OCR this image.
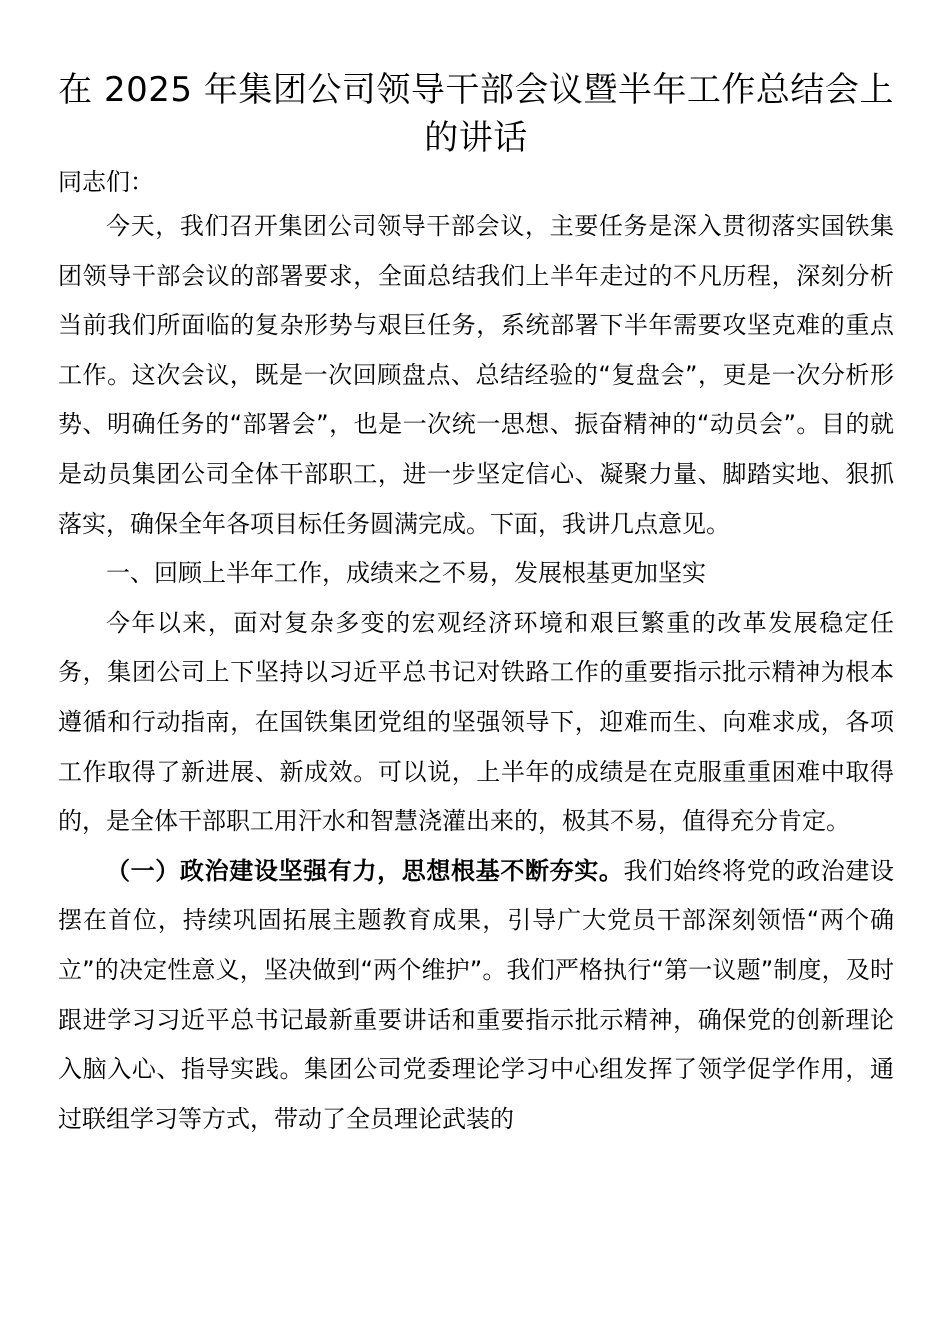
在 2025 年集团公司领导干部会议暨半年工作总结会上的讲话

同志们：

今天，我们召开集团公司领导干部会议，主要任务是深入贯彻落实国铁集团领导干部会议的部署要求，全面总结我们上半年走过的不凡历程，深刻分析当前我们所面临的复杂形势与艰巨任务，系统部署下半年需要攻坚克难的重点工作。这次会议，既是一次回顾盘点、总结经验的“复盘会”，更是一次分析形势、明确任务的“部署会”，也是一次统一思想、振奋精神的“动员会”。目的就是动员集团公司全体干部职工，进一步坚定信心、凝聚力量、脚踏实地、狠抓落实，确保全年各项目标任务圆满完成。下面，我讲几点意见。

一、回顾上半年工作，成绩来之不易，发展根基更加坚实

今年以来，面对复杂多变的宏观经济环境和艰巨繁重的改革发展稳定任务，集团公司上下坚持以习近平总书记对铁路工作的重要指示批示精神为根本遵循和行动指南，在国铁集团党组的坚强领导下，迎难而生、向难求成，各项工作取得了新进展、新成效。可以说，上半年的成绩是在克服重重困难中取得的，是全体干部职工用汗水和智慧浇灌出来的，极其不易，值得充分肯定。

（一）政治建设坚强有力，思想根基不断夯实。我们始终将党的政治建设摆在首位，持续巩固拓展主题教育成果，引导广大党员干部深刻领悟“两个确立”的决定性意义，坚决做到“两个维护”。我们严格执行“第一议题”制度，及时跟进学习习近平总书记最新重要讲话和重要指示批示精神，确保党的创新理论入脑入心、指导实践。集团公司党委理论学习中心组发挥了领学促学作用，通过联组学习等方式，带动了全员理论武装的
